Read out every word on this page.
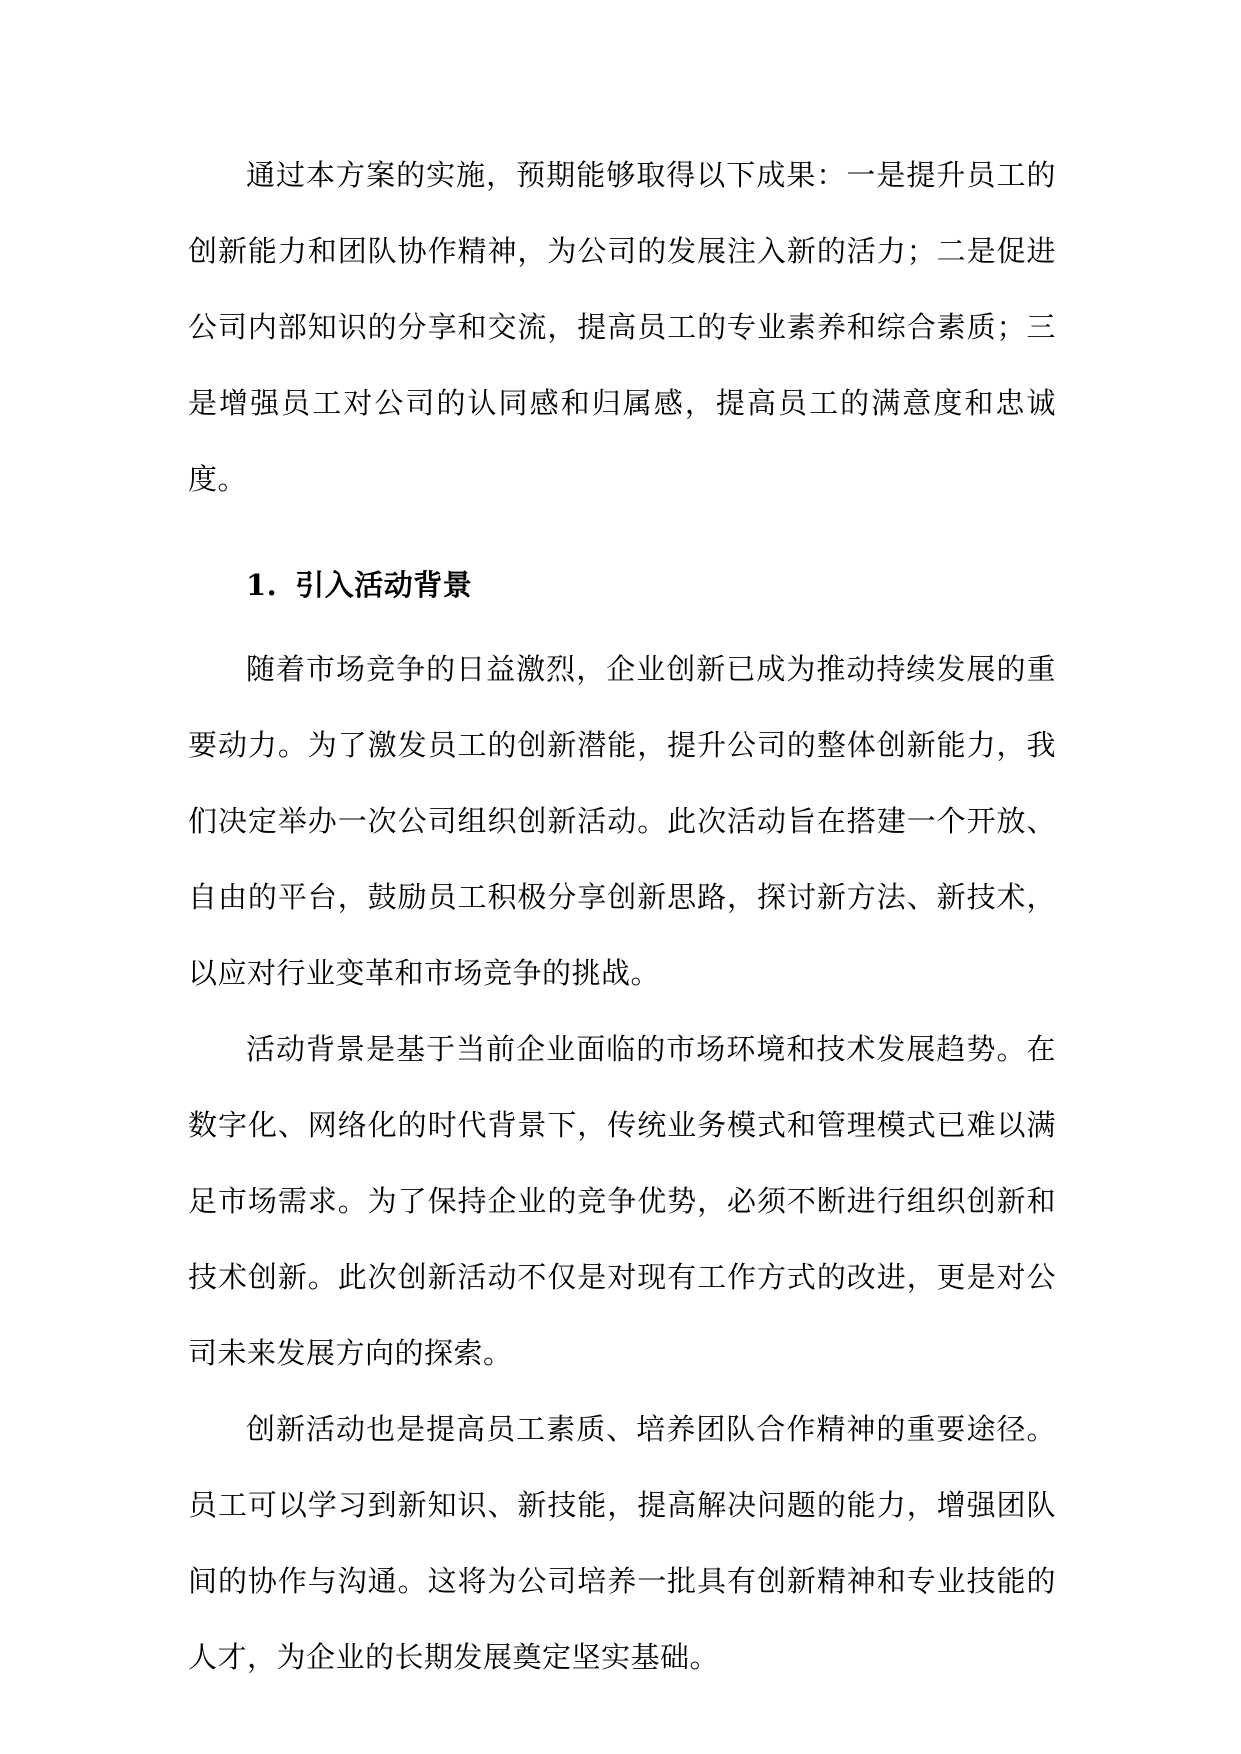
通过本方案的实施，预期能够取得以下成果：一是提升员工的创新能力和团队协作精神，为公司的发展注入新的活力；二是促进公司内部知识的分享和交流，提高员工的专业素养和综合素质；三是增强员工对公司的认同感和归属感，提高员工的满意度和忠诚度。

1. 引入活动背景

随着市场竞争的日益激烈，企业创新已成为推动持续发展的重要动力。为了激发员工的创新潜能，提升公司的整体创新能力，我们决定举办一次公司组织创新活动。此次活动旨在搭建一个开放、自由的平台，鼓励员工积极分享创新思路，探讨新方法、新技术，以应对行业变革和市场竞争的挑战。

活动背景是基于当前企业面临的市场环境和技术发展趋势。在数字化、网络化的时代背景下，传统业务模式和管理模式已难以满足市场需求。为了保持企业的竞争优势，必须不断进行组织创新和技术创新。此次创新活动不仅是对现有工作方式的改进，更是对公司未来发展方向的探索。

创新活动也是提高员工素质、培养团队合作精神的重要途径。员工可以学习到新知识、新技能，提高解决问题的能力，增强团队间的协作与沟通。这将为公司培养一批具有创新精神和专业技能的人才，为企业的长期发展奠定坚实基础。
